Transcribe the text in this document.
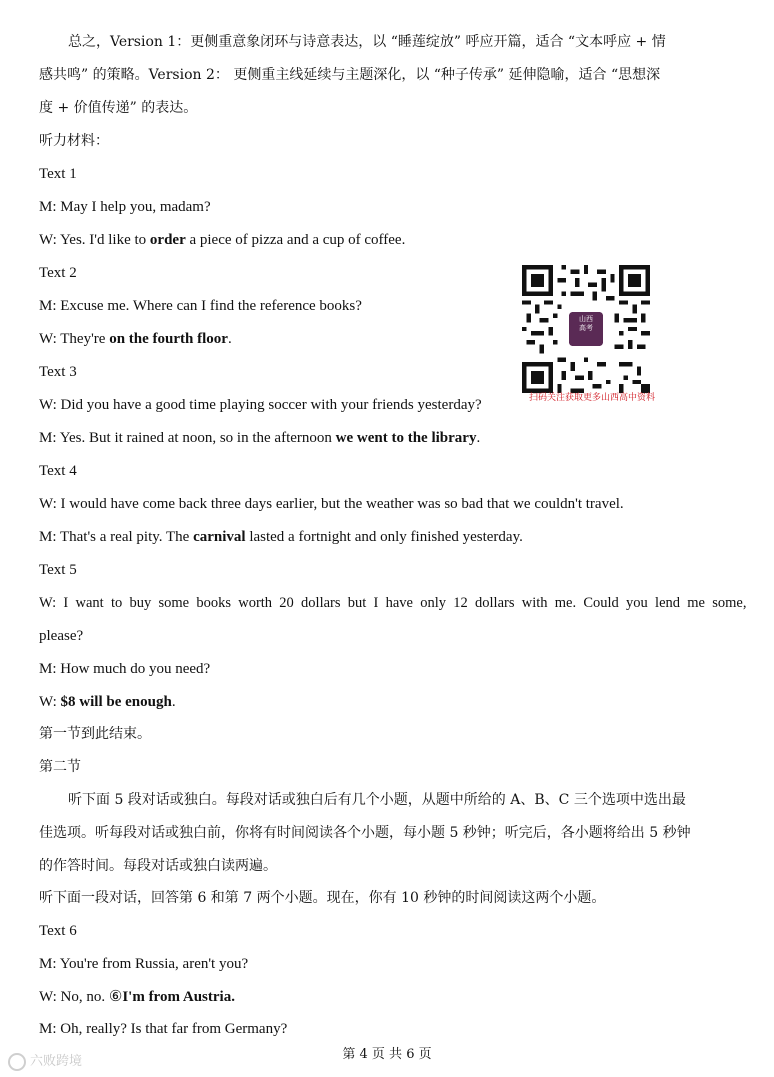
总之，Version 1：更侧重意象闭环与诗意表达，以 “睡莲绽放” 呼应开篇，适合 “文本呼应 + 情
感共鸣” 的策略。Version 2： 更侧重主线延续与主题深化，以 “种子传承” 延伸隐喻，适合 “思想深
度 + 价值传递” 的表达。
听力材料：
Text 1
M: May I help you, madam?
W: Yes. I'd like to order a piece of pizza and a cup of coffee.
Text 2
M: Excuse me. Where can I find the reference books?
W: They're on the fourth floor.
Text 3
W: Did you have a good time playing soccer with your friends yesterday?
M: Yes. But it rained at noon, so in the afternoon we went to the library.
Text 4
W: I would have come back three days earlier, but the weather was so bad that we couldn't travel.
M: That's a real pity. The carnival lasted a fortnight and only finished yesterday.
Text 5
W:  I  want  to  buy  some  books  worth  20  dollars  but  I  have  only  12  dollars  with  me.  Could  you  lend  me  some,
please?
M: How much do you need?
W: $8 will be enough.
第一节到此结束。
第二节
听下面 5 段对话或独白。每段对话或独白后有几个小题，从题中所给的 A、B、C 三个选项中选出最
佳选项。听每段对话或独白前，你将有时间阅读各个小题，每小题 5 秒钟；听完后，各小题将给出 5 秒钟
的作答时间。每段对话或独白读两遍。
听下面一段对话，回答第 6 和第 7 两个小题。现在，你有 10 秒钟的时间阅读这两个小题。
Text 6
M: You're from Russia, aren't you?
W: No, no. ⑥I'm from Austria.
M: Oh, really? Is that far from Germany?
山西
高考
扫码关注获取更多山西高中资料
第 4 页 共 6 页
六败跨境
